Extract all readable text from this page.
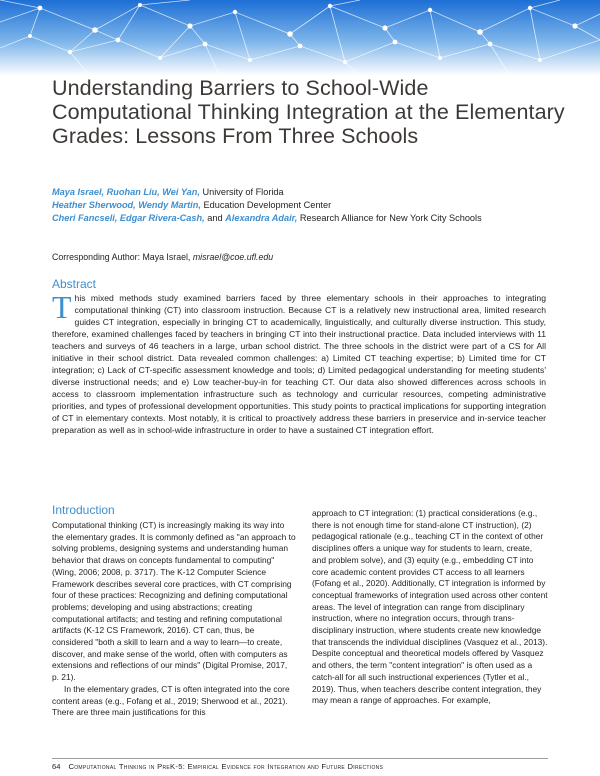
Understanding Barriers to School-Wide Computational Thinking Integration at the Elementary Grades: Lessons From Three Schools
Maya Israel, Ruohan Liu, Wei Yan, University of Florida
Heather Sherwood, Wendy Martin, Education Development Center
Cheri Fancseli, Edgar Rivera-Cash, and Alexandra Adair, Research Alliance for New York City Schools
Corresponding Author: Maya Israel, misrael@coe.ufl.edu
Abstract
This mixed methods study examined barriers faced by three elementary schools in their approaches to integrating computational thinking (CT) into classroom instruction. Because CT is a relatively new instructional area, limited research guides CT integration, especially in bringing CT to academically, linguistically, and culturally diverse instruction. This study, therefore, examined challenges faced by teachers in bringing CT into their instructional practice. Data included interviews with 11 teachers and surveys of 46 teachers in a large, urban school district. The three schools in the district were part of a CS for All initiative in their school district. Data revealed common challenges: a) Limited CT teaching expertise; b) Limited time for CT integration; c) Lack of CT-specific assessment knowledge and tools; d) Limited pedagogical understanding for meeting students' diverse instructional needs; and e) Low teacher-buy-in for teaching CT. Our data also showed differences across schools in access to classroom implementation infrastructure such as technology and curricular resources, competing administrative priorities, and types of professional development opportunities. This study points to practical implications for supporting integration of CT in elementary contexts. Most notably, it is critical to proactively address these barriers in preservice and in-service teacher preparation as well as in school-wide infrastructure in order to have a sustained CT integration effort.
Introduction

Computational thinking (CT) is increasingly making its way into the elementary grades. It is commonly defined as "an approach to solving problems, designing systems and understanding human behavior that draws on concepts fundamental to computing" (Wing, 2006; 2008, p. 3717). The K-12 Computer Science Framework describes several core practices, with CT comprising four of these practices: Recognizing and defining computational problems; developing and using abstractions; creating computational artifacts; and testing and refining computational artifacts (K-12 CS Framework, 2016). CT can, thus, be considered "both a skill to learn and a way to learn—to create, discover, and make sense of the world, often with computers as extensions and reflections of our minds" (Digital Promise, 2017, p. 21).

In the elementary grades, CT is often integrated into the core content areas (e.g., Fofang et al., 2019; Sherwood et al., 2021). There are three main justifications for this

approach to CT integration: (1) practical considerations (e.g., there is not enough time for stand-alone CT instruction), (2) pedagogical rationale (e.g., teaching CT in the context of other disciplines offers a unique way for students to learn, create, and problem solve), and (3) equity (e.g., embedding CT into core academic content provides CT access to all learners (Fofang et al., 2020). Additionally, CT integration is informed by conceptual frameworks of integration used across other content areas. The level of integration can range from disciplinary instruction, where no integration occurs, through trans-disciplinary instruction, where students create new knowledge that transcends the individual disciplines (Vasquez et al., 2013). Despite conceptual and theoretical models offered by Vasquez and others, the term "content integration" is often used as a catch-all for all such instructional experiences (Tytler et al., 2019). Thus, when teachers describe content integration, they may mean a range of approaches. For example,

64 Computational Thinking in PreK-5: Empirical Evidence for Integration and Future Directions
